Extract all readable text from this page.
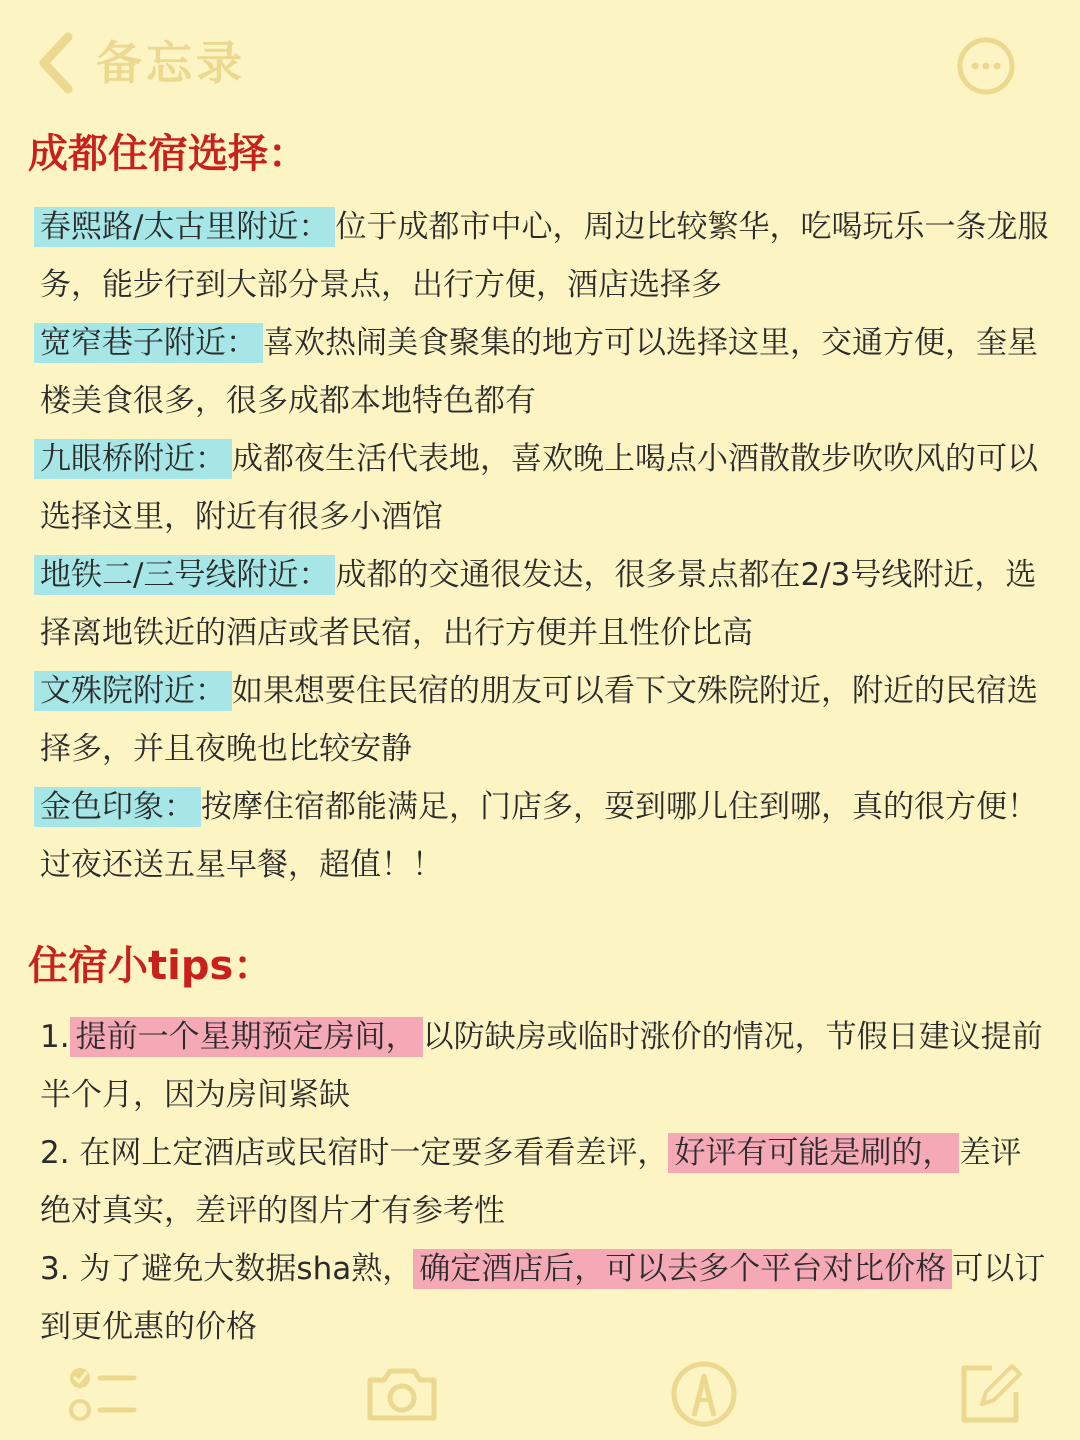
备忘录
成都住宿选择：

春熙路/太古里附近： 位于成都市中心，周边比较繁华，吃喝玩乐一条龙服务，能步行到大部分景点，出行方便，酒店选择多

宽窄巷子附近： 喜欢热闹美食聚集的地方可以选择这里，交通方便，奎星楼美食很多，很多成都本地特色都有

九眼桥附近： 成都夜生活代表地，喜欢晚上喝点小酒散散步吹吹风的可以选择这里，附近有很多小酒馆

地铁二/三号线附近： 成都的交通很发达，很多景点都在2/3号线附近，选择离地铁近的酒店或者民宿，出行方便并且性价比高

文殊院附近： 如果想要住民宿的朋友可以看下文殊院附近，附近的民宿选择多，并且夜晚也比较安静

金色印象： 按摩住宿都能满足，门店多，耍到哪儿住到哪，真的很方便！过夜还送五星早餐，超值！！

住宿小tips：

1. 提前一个星期预定房间， 以防缺房或临时涨价的情况，节假日建议提前半个月，因为房间紧缺

2. 在网上定酒店或民宿时一定要多看看差评， 好评有可能是刷的， 差评绝对真实，差评的图片才有参考性

3. 为了避免大数据sha熟， 确定酒店后，可以去多个平台对比价格 可以订到更优惠的价格
